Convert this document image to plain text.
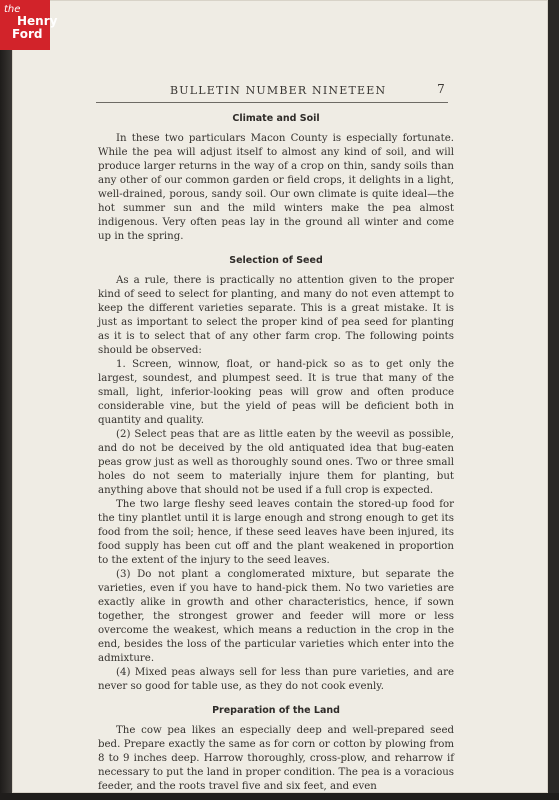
the
Henry
Ford
BULLETIN NUMBER NINETEEN	7
Climate and Soil

In these two particulars Macon County is especially fortunate. While the pea will adjust itself to almost any kind of soil, and will produce larger returns in the way of a crop on thin, sandy soils than any other of our common garden or field crops, it delights in a light, well-drained, porous, sandy soil. Our own climate is quite ideal—the hot summer sun and the mild winters make the pea almost indigenous. Very often peas lay in the ground all winter and come up in the spring.

Selection of Seed

As a rule, there is practically no attention given to the proper kind of seed to select for planting, and many do not even attempt to keep the different varieties separate. This is a great mistake. It is just as important to select the proper kind of pea seed for planting as it is to select that of any other farm crop. The following points should be observed:

1. Screen, winnow, float, or hand-pick so as to get only the largest, soundest, and plumpest seed. It is true that many of the small, light, inferior-looking peas will grow and often produce considerable vine, but the yield of peas will be deficient both in quantity and quality.

(2) Select peas that are as little eaten by the weevil as possible, and do not be deceived by the old antiquated idea that bug-eaten peas grow just as well as thoroughly sound ones. Two or three small holes do not seem to materially injure them for planting, but anything above that should not be used if a full crop is expected.

The two large fleshy seed leaves contain the stored-up food for the tiny plantlet until it is large enough and strong enough to get its food from the soil; hence, if these seed leaves have been injured, its food supply has been cut off and the plant weakened in proportion to the extent of the injury to the seed leaves.

(3) Do not plant a conglomerated mixture, but separate the varieties, even if you have to hand-pick them. No two varieties are exactly alike in growth and other characteristics, hence, if sown together, the strongest grower and feeder will more or less overcome the weakest, which means a reduction in the crop in the end, besides the loss of the particular varieties which enter into the admixture.

(4) Mixed peas always sell for less than pure varieties, and are never so good for table use, as they do not cook evenly.

Preparation of the Land

The cow pea likes an especially deep and well-prepared seed bed. Prepare exactly the same as for corn or cotton by plowing from 8 to 9 inches deep. Harrow thoroughly, cross-plow, and reharrow if necessary to put the land in proper condition. The pea is a voracious feeder, and the roots travel five and six feet, and even
